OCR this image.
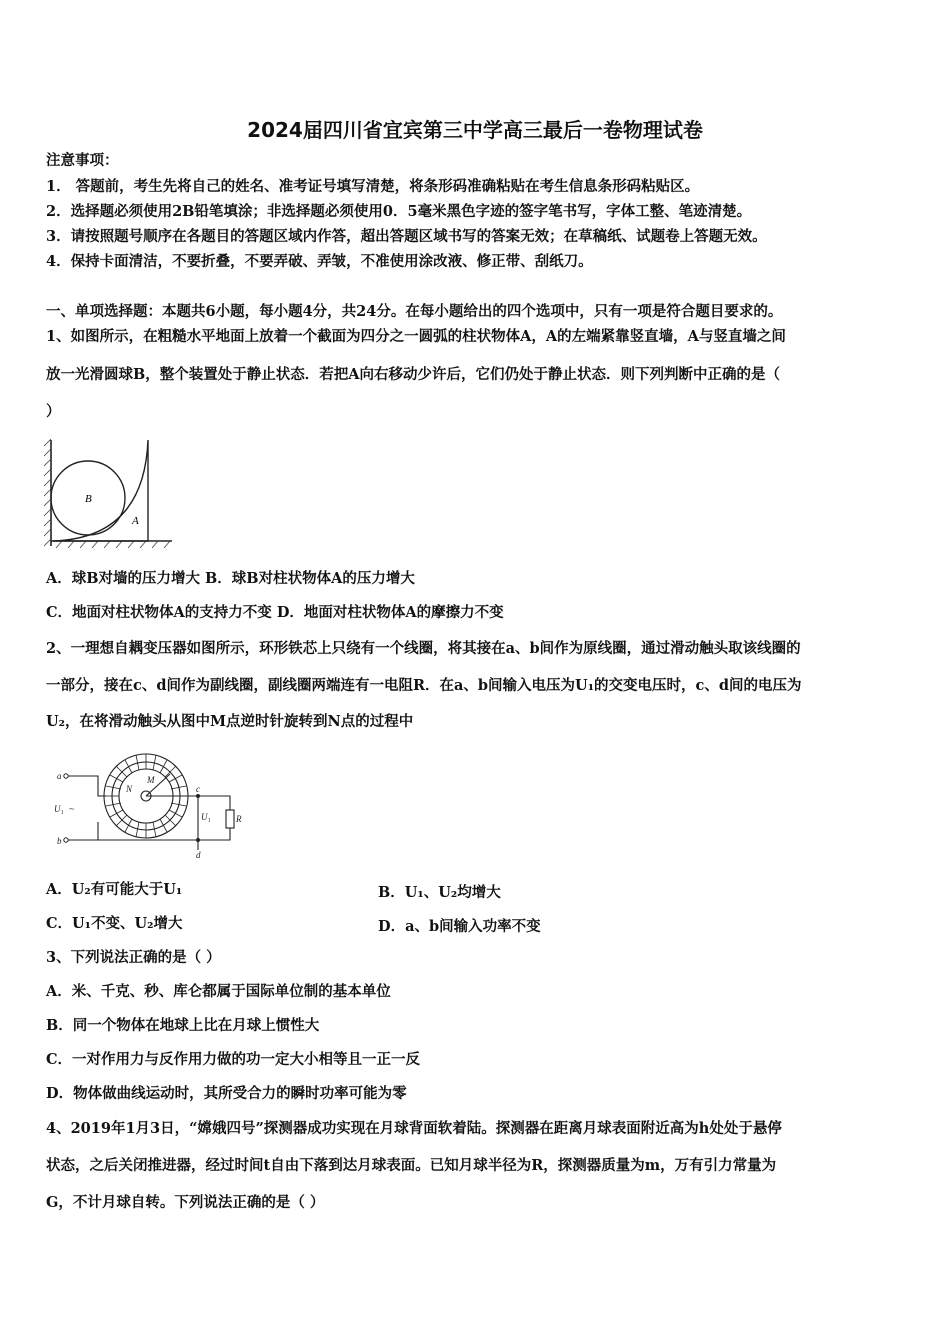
2024届四川省宜宾第三中学高三最后一卷物理试卷
注意事项：
1． 答题前，考生先将自己的姓名、准考证号填写清楚，将条形码准确粘贴在考生信息条形码粘贴区。
2．选择题必须使用2B铅笔填涂；非选择题必须使用0．5毫米黑色字迹的签字笔书写，字体工整、笔迹清楚。
3．请按照题号顺序在各题目的答题区域内作答，超出答题区域书写的答案无效；在草稿纸、试题卷上答题无效。
4．保持卡面清洁，不要折叠，不要弄破、弄皱，不准使用涂改液、修正带、刮纸刀。
一、单项选择题：本题共6小题，每小题4分，共24分。在每小题给出的四个选项中，只有一项是符合题目要求的。
1、如图所示，在粗糙水平地面上放着一个截面为四分之一圆弧的柱状物体A，A的左端紧靠竖直墙，A与竖直墙之间
放一光滑圆球B，整个装置处于静止状态．若把A向右移动少许后，它们仍处于静止状态．则下列判断中正确的是（
）
B
A
A．球B对墙的压力增大 B．球B对柱状物体A的压力增大
C．地面对柱状物体A的支持力不变 D．地面对柱状物体A的摩擦力不变
2、一理想自耦变压器如图所示，环形铁芯上只绕有一个线圈，将其接在a、b间作为原线圈，通过滑动触头取该线圈的
一部分，接在c、d间作为副线圈，副线圈两端连有一电阻R．在a、b间输入电压为U₁的交变电压时，c、d间的电压为
U₂，在将滑动触头从图中M点逆时针旋转到N点的过程中
a
b
M
N	c
d
R
U₁ ~
U₁
A．U₂有可能大于U₁	B．U₁、U₂均增大
C．U₁不变、U₂增大	D．a、b间输入功率不变
3、下列说法正确的是（ ）
A．米、千克、秒、库仑都属于国际单位制的基本单位
B．同一个物体在地球上比在月球上惯性大
C．一对作用力与反作用力做的功一定大小相等且一正一反
D．物体做曲线运动时，其所受合力的瞬时功率可能为零
4、2019年1月3日，“嫦娥四号”探测器成功实现在月球背面软着陆。探测器在距离月球表面附近高为h处处于悬停
状态，之后关闭推进器，经过时间t自由下落到达月球表面。已知月球半径为R，探测器质量为m，万有引力常量为
G，不计月球自转。下列说法正确的是（ ）
